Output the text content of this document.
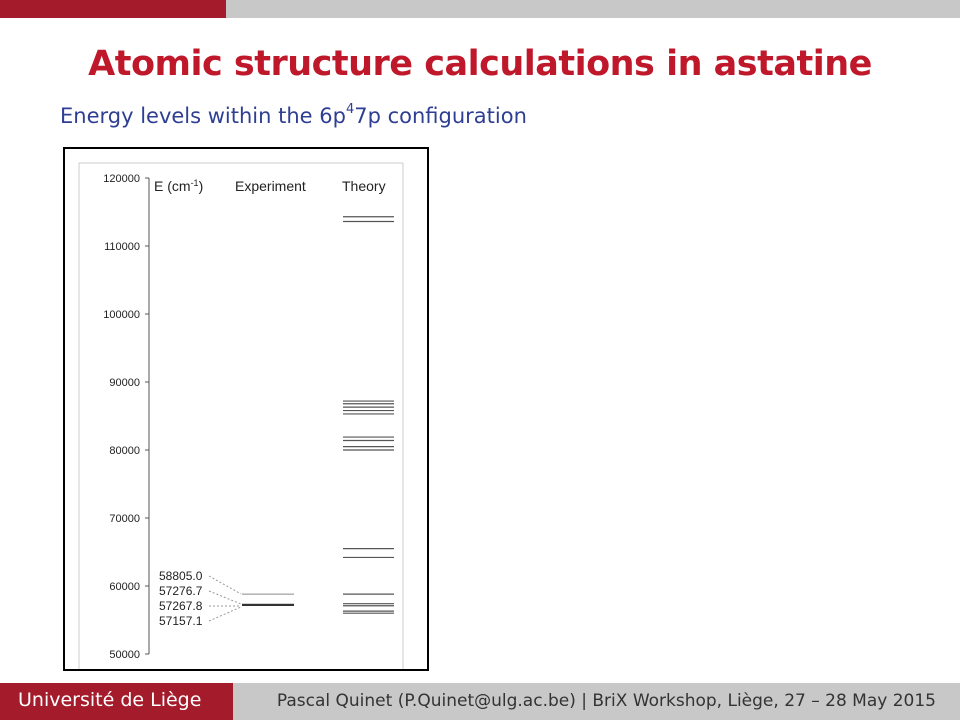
Atomic structure calculations in astatine
Energy levels within the $6p^47p$ configuration
120000
110000
100000
90000
80000
70000
60000
50000
E $(cm^{-1})$ Experiment	Theory
58805.0
57276.7
57267.8
57157.1
Université de Liège	Pascal Quinet (P.Quinet@ulg.ac.be) | BriX Workshop, Liège, 27 – 28 May 2015
